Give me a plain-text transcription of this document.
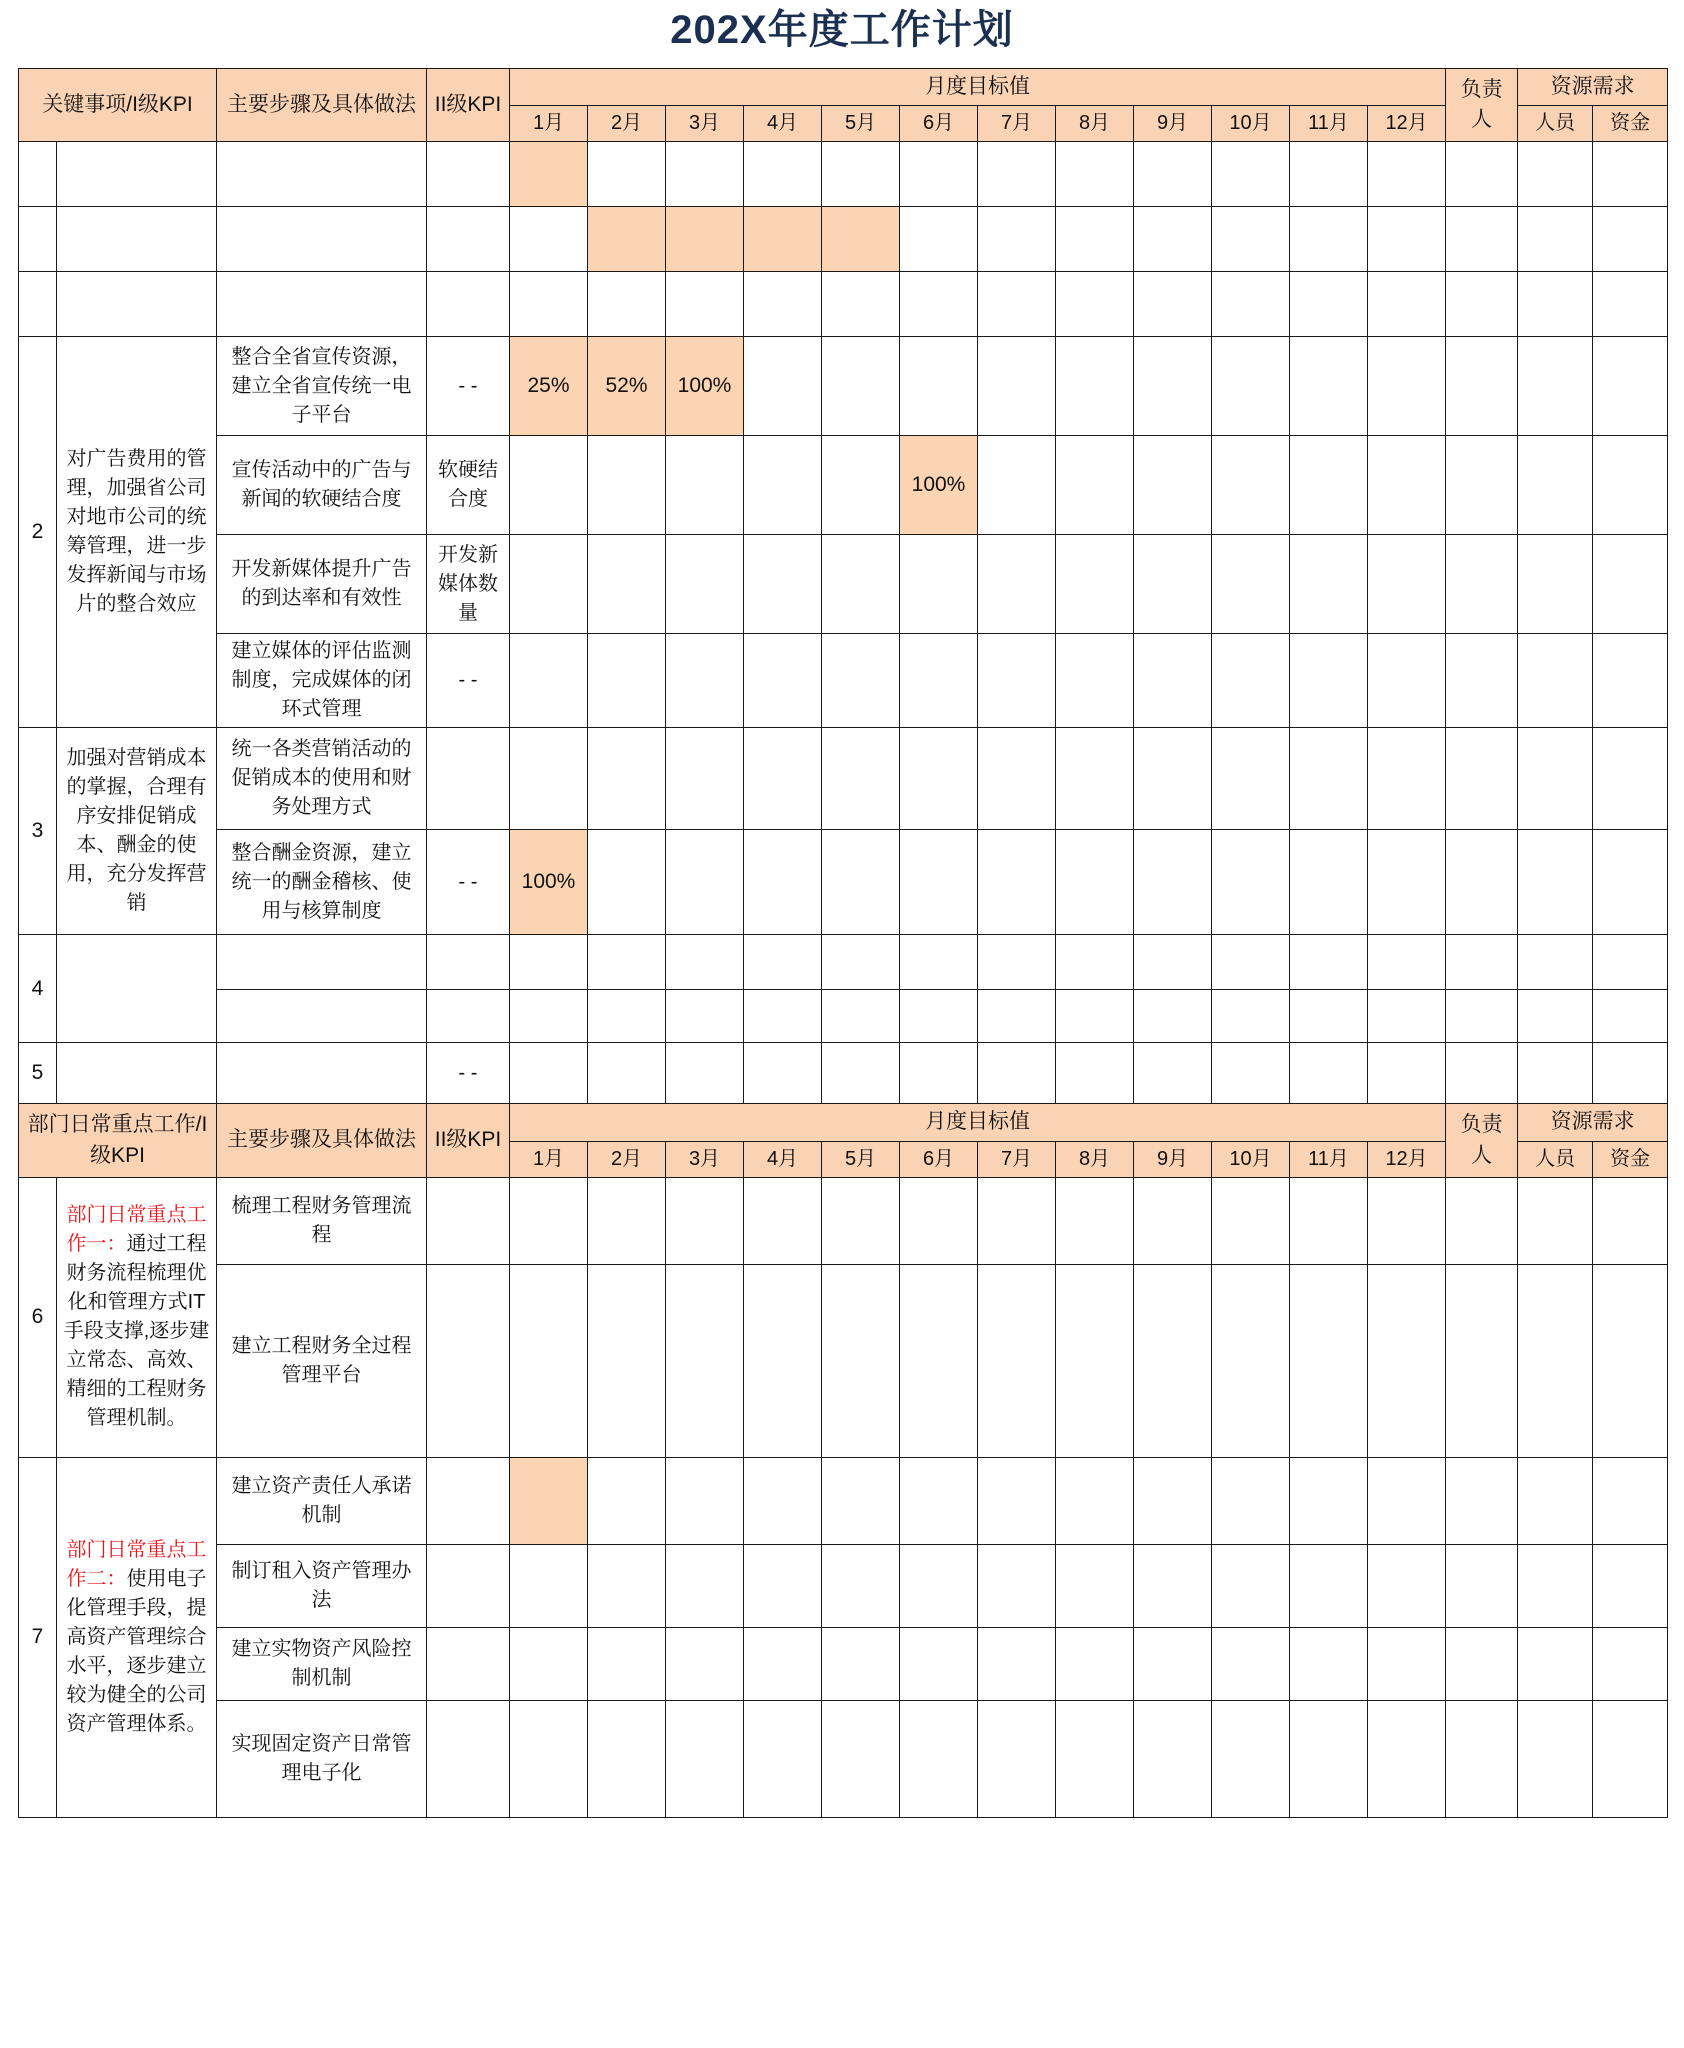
202X年度工作计划
关键事项/I级KPI		主要步骤及具体做法	II级KPI	月度目标值												负责人	资源需求	
				1月	2月	3月	4月	5月	6月	7月	8月	9月	10月	11月	12月		人员	资金

2	对广告费用的管理，加强省公司对地市公司的统筹管理，进一步发挥新闻与市场片的整合效应	整合全省宣传资源，建立全省宣传统一电子平台	- -	25%	52%	100%												
		宣传活动中的广告与新闻的软硬结合度	软硬结合度						100%									
		开发新媒体提升广告的到达率和有效性	开发新媒体数量															
		建立媒体的评估监测制度，完成媒体的闭环式管理	- -															
3	加强对营销成本的掌握，合理有序安排促销成本、酬金的使用，充分发挥营销	统一各类营销活动的促销成本的使用和财务处理方式																
		整合酬金资源，建立统一的酬金稽核、使用与核算制度	- -	100%														
4																		

5			- -															
部门日常重点工作/I级KPI		主要步骤及具体做法	II级KPI	月度目标值												负责人	资源需求	
				1月	2月	3月	4月	5月	6月	7月	8月	9月	10月	11月	12月		人员	资金
6	部门日常重点工作一：通过工程财务流程梳理优化和管理方式IT手段支撑,逐步建立常态、高效、精细的工程财务管理机制。	梳理工程财务管理流程																
		建立工程财务全过程管理平台																
7	部门日常重点工作二：使用电子化管理手段，提高资产管理综合水平，逐步建立较为健全的公司资产管理体系。	建立资产责任人承诺机制																
		制订租入资产管理办法																
		建立实物资产风险控制机制																
		实现固定资产日常管理电子化																
